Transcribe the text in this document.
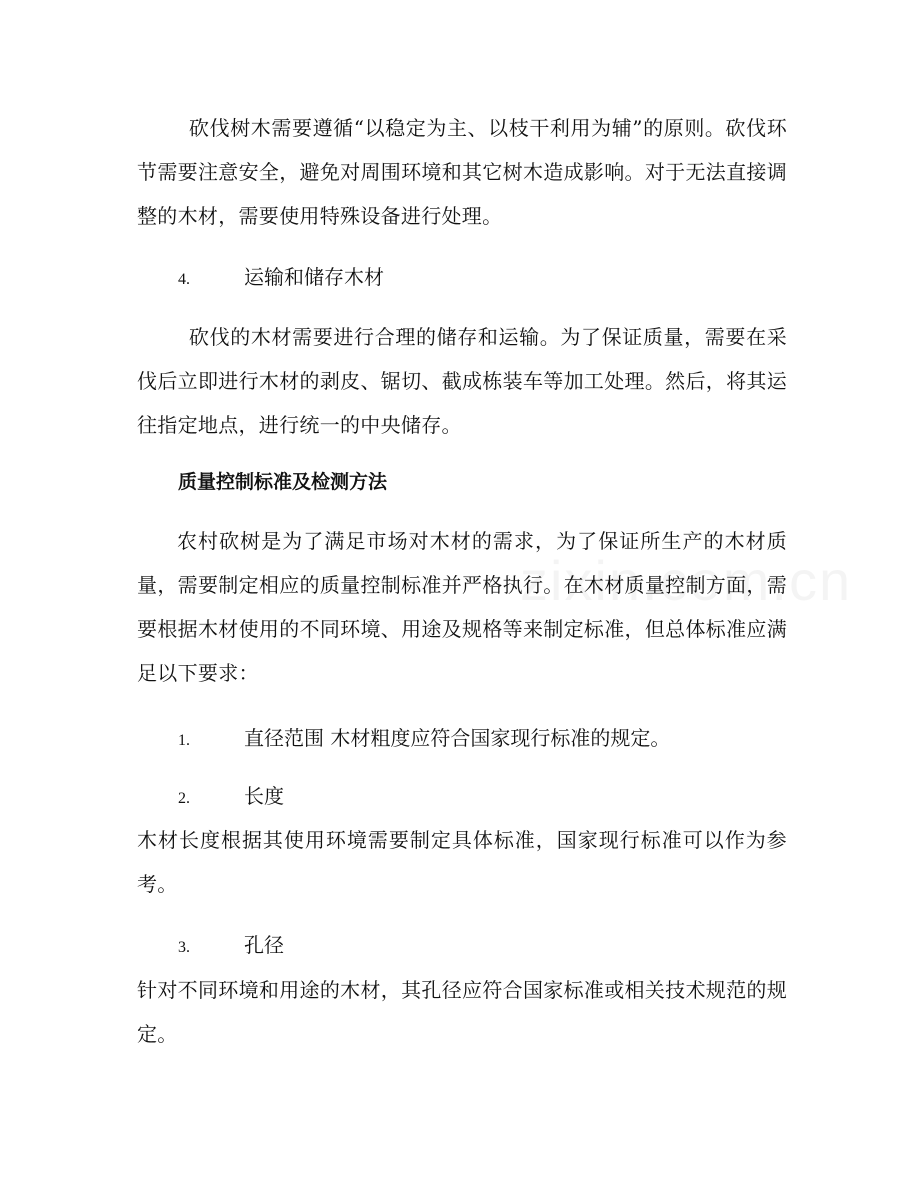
砍伐树木需要遵循“以稳定为主、以枝干利用为辅”的原则。砍伐环节需要注意安全，避免对周围环境和其它树木造成影响。对于无法直接调整的木材，需要使用特殊设备进行处理。

4.	运输和储存木材

砍伐的木材需要进行合理的储存和运输。为了保证质量，需要在采伐后立即进行木材的剥皮、锯切、截成栋装车等加工处理。然后，将其运往指定地点，进行统一的中央储存。

质量控制标准及检测方法

农村砍树是为了满足市场对木材的需求，为了保证所生产的木材质量，需要制定相应的质量控制标准并严格执行。在木材质量控制方面，需要根据木材使用的不同环境、用途及规格等来制定标准，但总体标准应满足以下要求：

1.	直径范围 木材粗度应符合国家现行标准的规定。
2.	长度

木材长度根据其使用环境需要制定具体标准，国家现行标准可以作为参考。

3.	孔径

针对不同环境和用途的木材，其孔径应符合国家标准或相关技术规范的规定。
